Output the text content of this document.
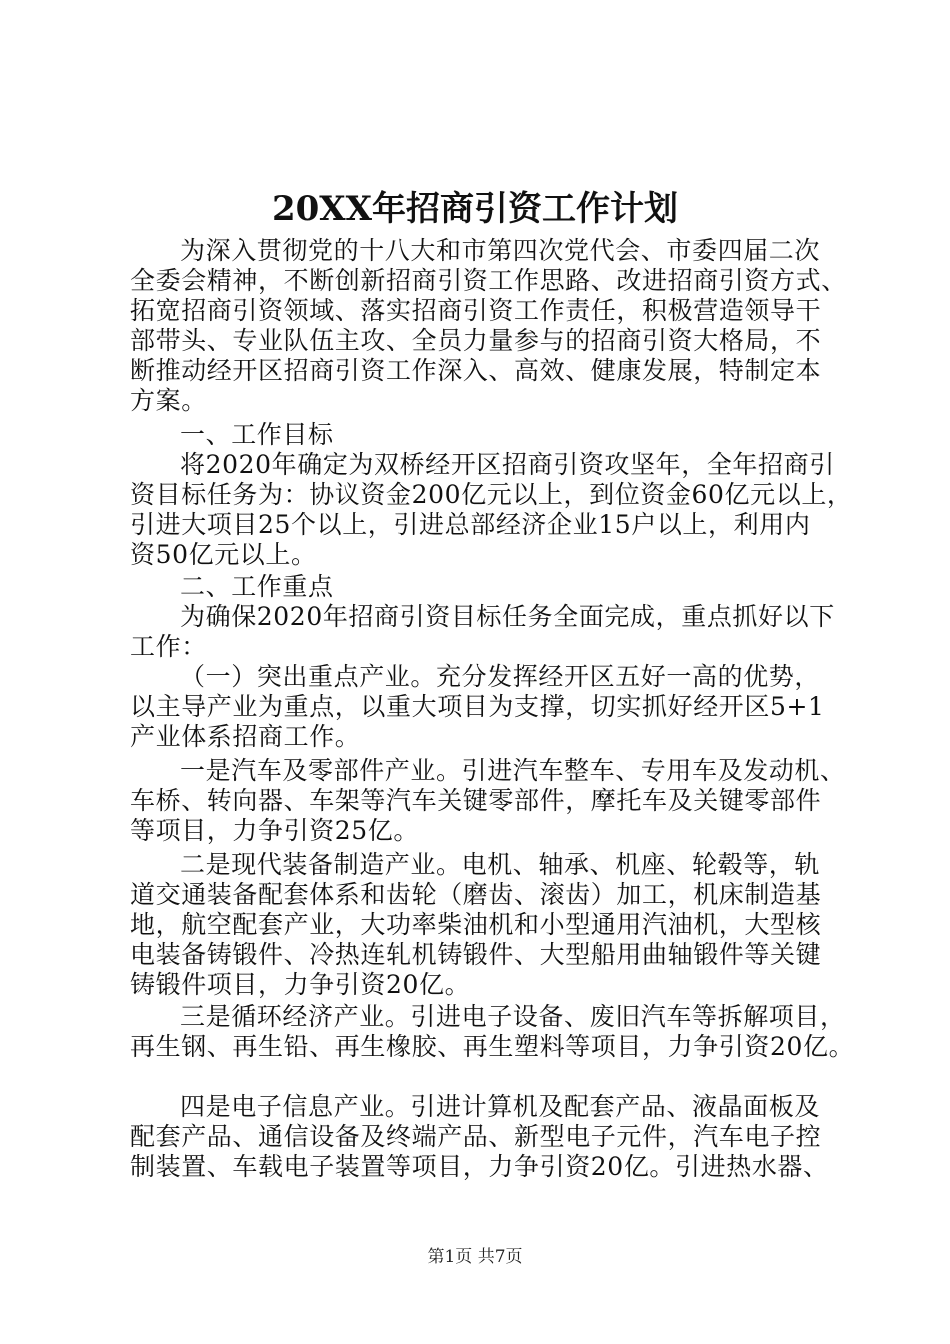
20XX年招商引资工作计划
为深入贯彻党的十八大和市第四次党代会、市委四届二次
全委会精神，不断创新招商引资工作思路、改进招商引资方式、
拓宽招商引资领域、落实招商引资工作责任，积极营造领导干
部带头、专业队伍主攻、全员力量参与的招商引资大格局，不
断推动经开区招商引资工作深入、高效、健康发展，特制定本
方案。
一、工作目标
将2020年确定为双桥经开区招商引资攻坚年，全年招商引
资目标任务为：协议资金200亿元以上，到位资金60亿元以上，
引进大项目25个以上，引进总部经济企业15户以上，利用内
资50亿元以上。
二、工作重点
为确保2020年招商引资目标任务全面完成，重点抓好以下
工作：
（一）突出重点产业。充分发挥经开区五好一高的优势，
以主导产业为重点，以重大项目为支撑，切实抓好经开区5+1
产业体系招商工作。
一是汽车及零部件产业。引进汽车整车、专用车及发动机、
车桥、转向器、车架等汽车关键零部件，摩托车及关键零部件
等项目，力争引资25亿。
二是现代装备制造产业。电机、轴承、机座、轮毂等，轨
道交通装备配套体系和齿轮（磨齿、滚齿）加工，机床制造基
地，航空配套产业，大功率柴油机和小型通用汽油机，大型核
电装备铸锻件、冷热连轧机铸锻件、大型船用曲轴锻件等关键
铸锻件项目，力争引资20亿。
三是循环经济产业。引进电子设备、废旧汽车等拆解项目，
再生钢、再生铅、再生橡胶、再生塑料等项目，力争引资20亿。
四是电子信息产业。引进计算机及配套产品、液晶面板及
配套产品、通信设备及终端产品、新型电子元件，汽车电子控
制装置、车载电子装置等项目，力争引资20亿。引进热水器、
第1页 共7页
